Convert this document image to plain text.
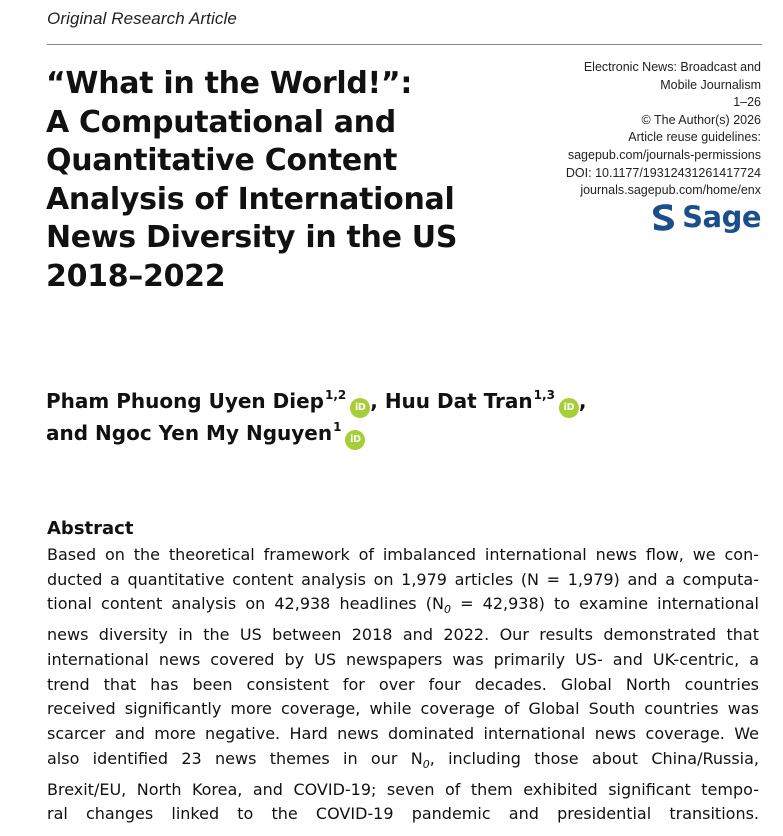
Original Research Article
“What in the World!”:
A Computational and
Quantitative Content
Analysis of International
News Diversity in the US
2018–2022
Electronic News: Broadcast and
Mobile Journalism
1–26
© The Author(s) 2026
Article reuse guidelines:
sagepub.com/journals-permissions
DOI: 10.1177/19312431261417724
journals.sagepub.com/home/enx
Sage
Pham Phuong Uyen Diep$^{1,2}$iD , Huu Dat Tran$^{1,3}$iD ,
and Ngoc Yen My Nguyen$^1$iD
Abstract
Based on the theoretical framework of imbalanced international news flow, we con-
ducted a quantitative content analysis on 1,979 articles (N = 1,979) and a computa-
tional content analysis on 42,938 headlines $(N_0 = 42,938)$ to examine international
news diversity in the US between 2018 and 2022. Our results demonstrated that
international news covered by US newspapers was primarily US- and UK-centric, a
trend that has been consistent for over four decades. Global North countries
received significantly more coverage, while coverage of Global South countries was
scarcer and more negative. Hard news dominated international news coverage. We
also identified 23 news themes in our $N_0$, including those about China/Russia,
Brexit/EU, North Korea, and COVID-19; seven of them exhibited significant tempo-
ral changes linked to the COVID-19 pandemic and presidential transitions.
